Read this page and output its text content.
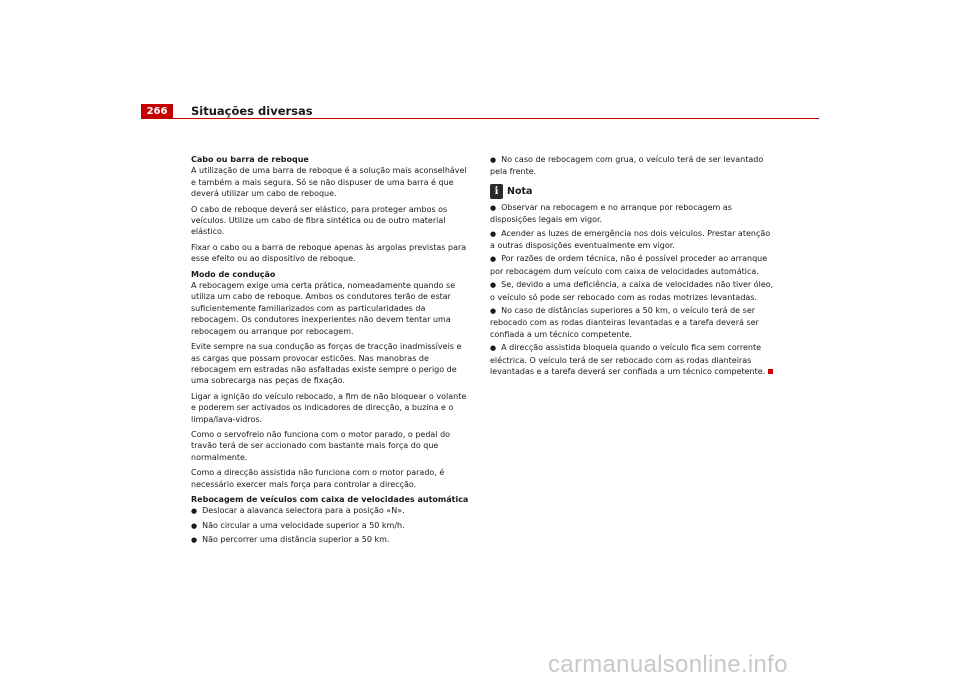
266	Situações diversas
Cabo ou barra de reboque

A utilização de uma barra de reboque é a solução mais aconselhável e também a mais segura. Só se não dispuser de uma barra é que deverá utilizar um cabo de reboque.

O cabo de reboque deverá ser elástico, para proteger ambos os veículos. Utilize um cabo de fibra sintética ou de outro material elástico.

Fixar o cabo ou a barra de reboque apenas às argolas previstas para esse efeito ou ao dispositivo de reboque.

Modo de condução

A rebocagem exige uma certa prática, nomeadamente quando se utiliza um cabo de reboque. Ambos os condutores terão de estar suficientemente familiarizados com as particularidades da rebocagem. Os condutores inexperientes não devem tentar uma rebocagem ou arranque por rebocagem.

Evite sempre na sua condução as forças de tracção inadmissíveis e as cargas que possam provocar esticões. Nas manobras de rebocagem em estradas não asfaltadas existe sempre o perigo de uma sobrecarga nas peças de fixação.

Ligar a ignição do veículo rebocado, a fim de não bloquear o volante e poderem ser activados os indicadores de direcção, a buzina e o limpa/lava-vidros.

Como o servofreio não funciona com o motor parado, o pedal do travão terá de ser accionado com bastante mais força do que normalmente.

Como a direcção assistida não funciona com o motor parado, é necessário exercer mais força para controlar a direcção.

Rebocagem de veículos com caixa de velocidades automática
● Deslocar a alavanca selectora para a posição «N».
● Não circular a uma velocidade superior a 50 km/h.
● Não percorrer uma distância superior a 50 km.
● No caso de rebocagem com grua, o veículo terá de ser levantado pela frente.
i Nota
● Observar na rebocagem e no arranque por rebocagem as disposições legais em vigor.
● Acender as luzes de emergência nos dois veículos. Prestar atenção a outras disposições eventualmente em vigor.
● Por razões de ordem técnica, não é possível proceder ao arranque por rebocagem dum veículo com caixa de velocidades automática.
● Se, devido a uma deficiência, a caixa de velocidades não tiver óleo, o veículo só pode ser rebocado com as rodas motrizes levantadas.
● No caso de distâncias superiores a 50 km, o veículo terá de ser rebocado com as rodas dianteiras levantadas e a tarefa deverá ser confiada a um técnico competente.
● A direcção assistida bloqueia quando o veículo fica sem corrente eléctrica. O veículo terá de ser rebocado com as rodas dianteiras levantadas e a tarefa deverá ser confiada a um técnico competente.
carmanualsonline.info
